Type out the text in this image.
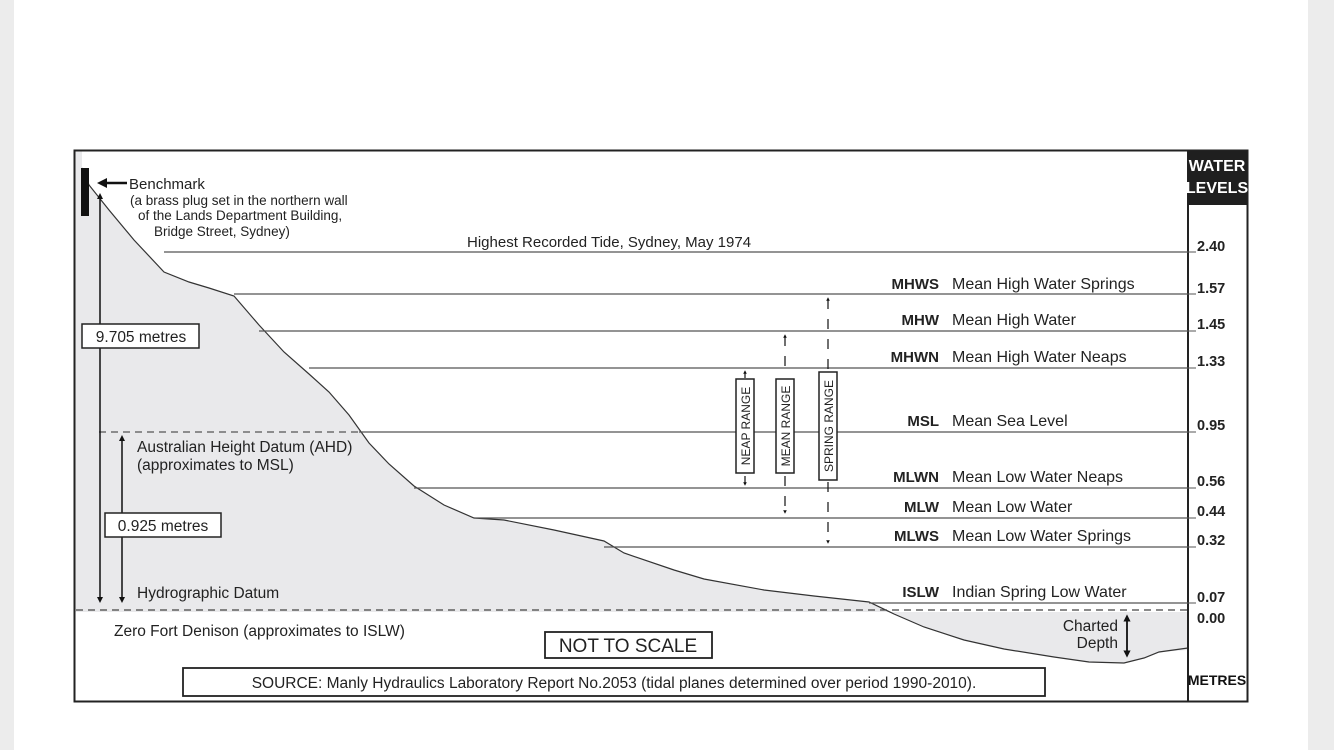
WATER
LEVELS
METRES
Benchmark
(a brass plug set in the northern wall
of the Lands Department Building,
Bridge Street, Sydney)
Highest Recorded Tide, Sydney, May 1974	2.40
MHWS Mean High Water Springs	1.57
MHW Mean High Water	1.45
MHWN Mean High Water Neaps	1.33
MSL Mean Sea Level	0.95
MLWN Mean Low Water Neaps	0.56
MLW Mean Low Water	0.44
MLWS Mean Low Water Springs	0.32
ISLW Indian Spring Low Water	0.07
0.00
NEAP RANGE MEAN RANGE SPRING RANGE
9.705 metres
0.925 metres
Australian Height Datum (AHD)
(approximates to MSL)
Hydrographic Datum
Zero Fort Denison (approximates to ISLW)
NOT TO SCALE
Charted
Depth
SOURCE: Manly Hydraulics Laboratory Report No.2053 (tidal planes determined over period 1990-2010).
